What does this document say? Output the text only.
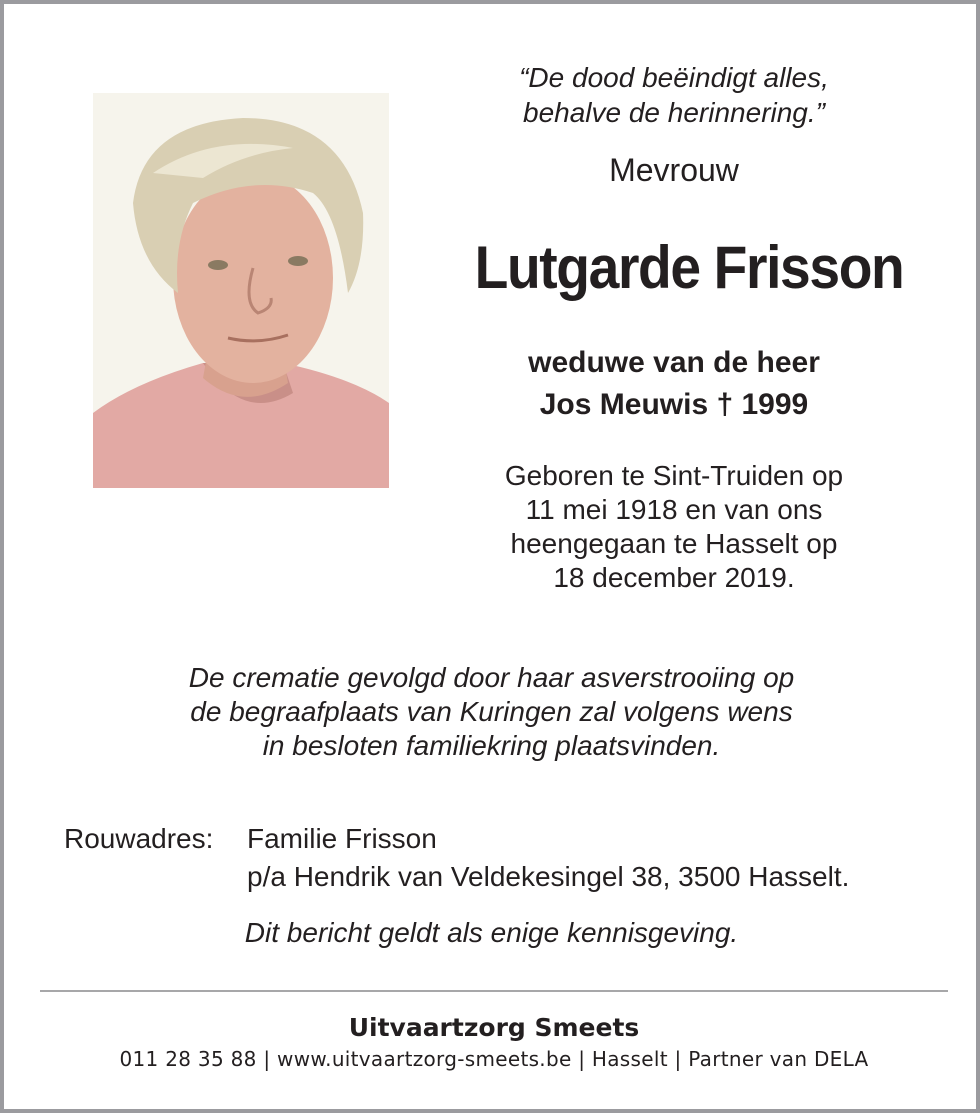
“De dood beëindigt alles,
behalve de herinnering.”
Mevrouw
Lutgarde Frisson
weduwe van de heer
Jos Meuwis † 1999
Geboren te Sint-Truiden op
11 mei 1918 en van ons
heengegaan te Hasselt op
18 december 2019.
De crematie gevolgd door haar asverstrooiing op
de begraafplaats van Kuringen zal volgens wens
in besloten familiekring plaatsvinden.
Rouwadres:	Familie Frisson
p/a Hendrik van Veldekesingel 38, 3500 Hasselt.
Dit bericht geldt als enige kennisgeving.
Uitvaartzorg Smeets
011 28 35 88 | www.uitvaartzorg-smeets.be | Hasselt | Partner van DELA
